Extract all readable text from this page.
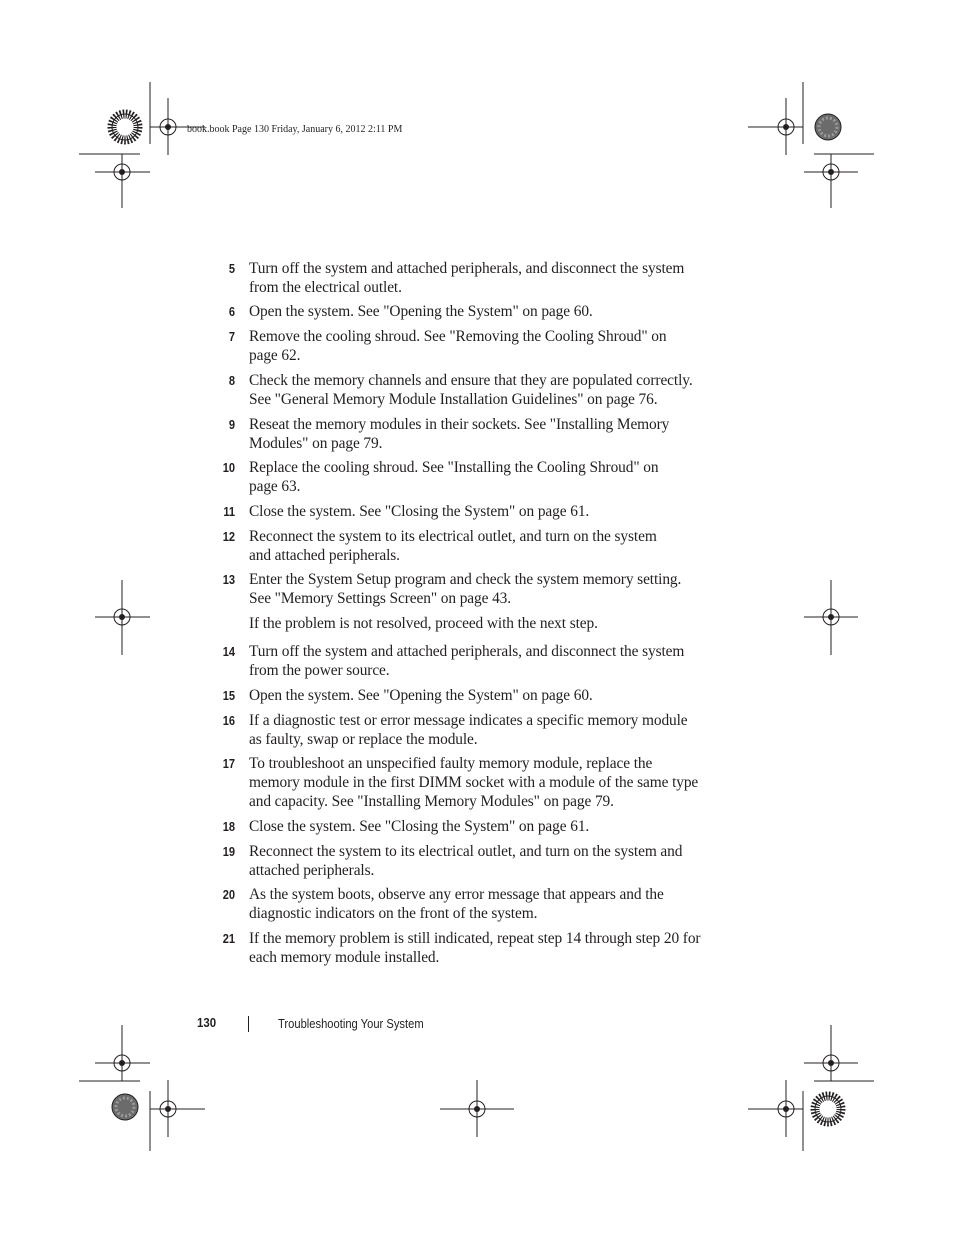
book.book Page 130 Friday, January 6, 2012 2:11 PM
5 Turn off the system and attached peripherals, and disconnect the system
from the electrical outlet.
6 Open the system. See "Opening the System" on page 60.
7 Remove the cooling shroud. See "Removing the Cooling Shroud" on
page 62.
8 Check the memory channels and ensure that they are populated correctly.
See "General Memory Module Installation Guidelines" on page 76.
9 Reseat the memory modules in their sockets. See "Installing Memory
Modules" on page 79.
10 Replace the cooling shroud. See "Installing the Cooling Shroud" on
page 63.
11 Close the system. See "Closing the System" on page 61.
12 Reconnect the system to its electrical outlet, and turn on the system
and attached peripherals.
13 Enter the System Setup program and check the system memory setting.
See "Memory Settings Screen" on page 43.
If the problem is not resolved, proceed with the next step.
14 Turn off the system and attached peripherals, and disconnect the system
from the power source.
15 Open the system. See "Opening the System" on page 60.
16 If a diagnostic test or error message indicates a specific memory module
as faulty, swap or replace the module.
17 To troubleshoot an unspecified faulty memory module, replace the
memory module in the first DIMM socket with a module of the same type
and capacity. See "Installing Memory Modules" on page 79.
18 Close the system. See "Closing the System" on page 61.
19 Reconnect the system to its electrical outlet, and turn on the system and
attached peripherals.
20 As the system boots, observe any error message that appears and the
diagnostic indicators on the front of the system.
21 If the memory problem is still indicated, repeat step 14 through step 20 for
each memory module installed.
130	Troubleshooting Your System
